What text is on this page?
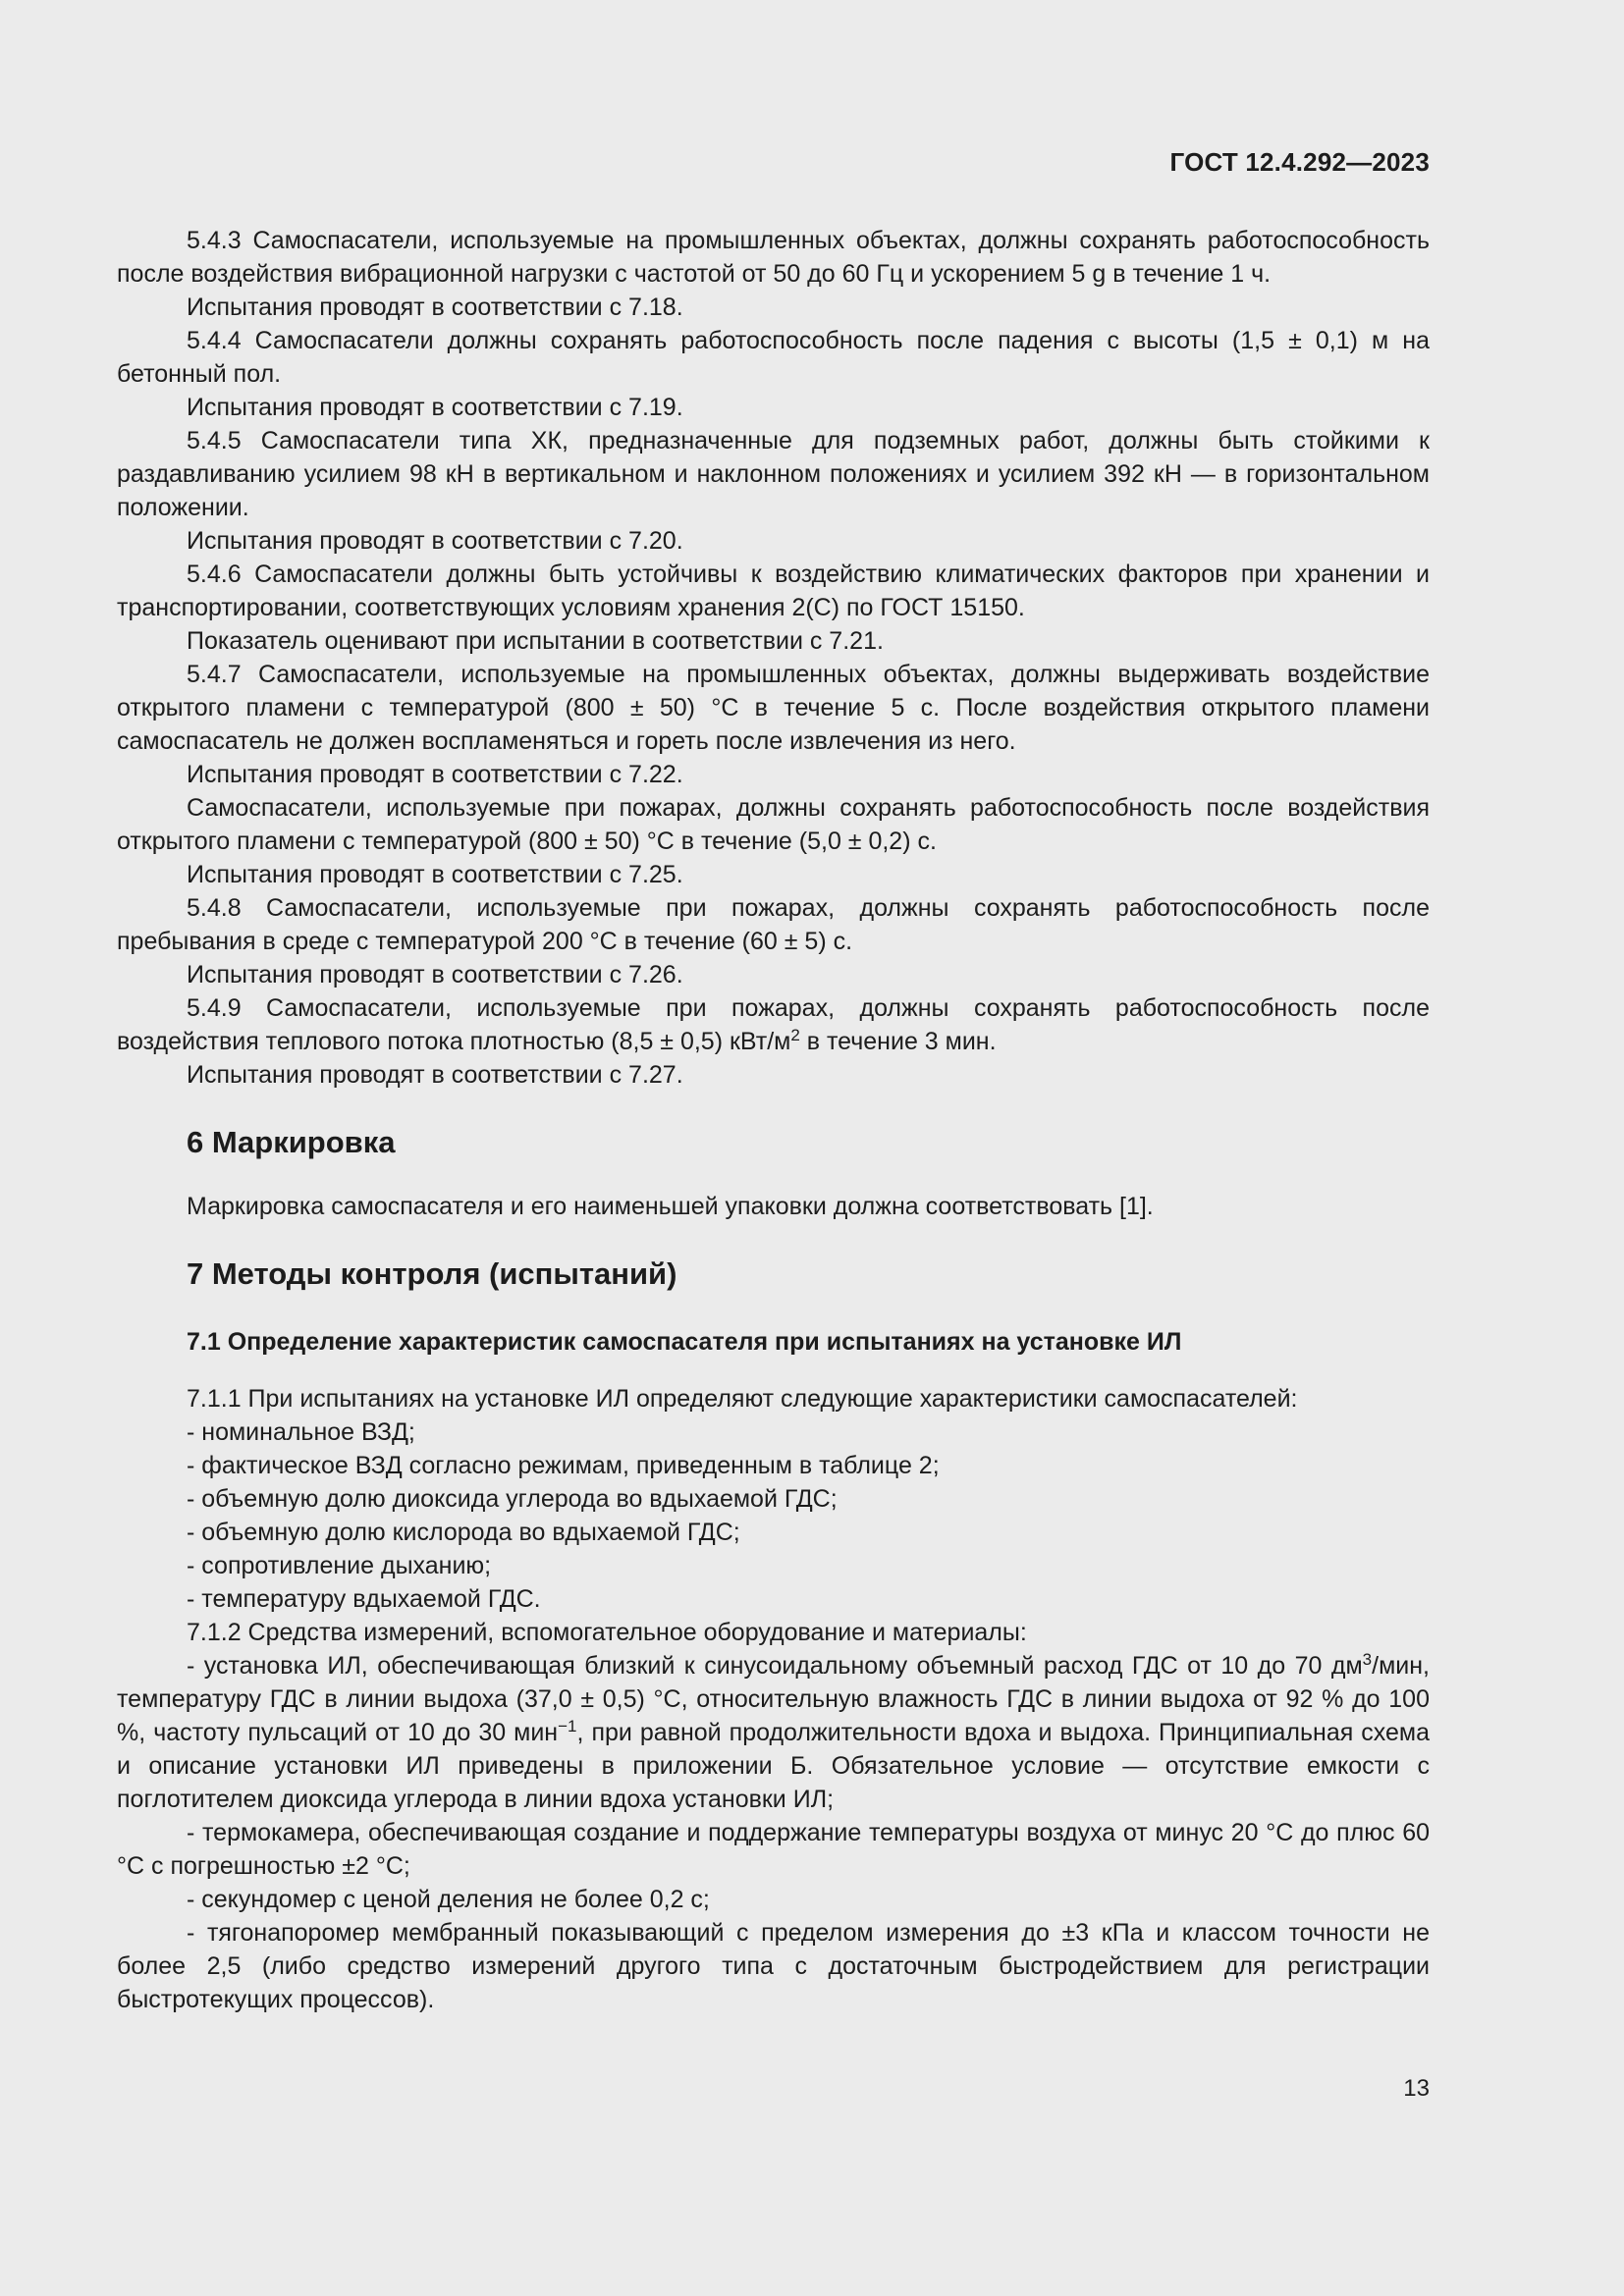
ГОСТ 12.4.292—2023

5.4.3 Самоспасатели, используемые на промышленных объектах, должны сохранять работоспособность после воздействия вибрационной нагрузки с частотой от 50 до 60 Гц и ускорением 5 g в течение 1 ч.

Испытания проводят в соответствии с 7.18.

5.4.4 Самоспасатели должны сохранять работоспособность после падения с высоты (1,5 ± 0,1) м на бетонный пол.

Испытания проводят в соответствии с 7.19.

5.4.5 Самоспасатели типа ХК, предназначенные для подземных работ, должны быть стойкими к раздавливанию усилием 98 кН в вертикальном и наклонном положениях и усилием 392 кН — в горизонтальном положении.

Испытания проводят в соответствии с 7.20.

5.4.6 Самоспасатели должны быть устойчивы к воздействию климатических факторов при хранении и транспортировании, соответствующих условиям хранения 2(С) по ГОСТ 15150.

Показатель оценивают при испытании в соответствии с 7.21.

5.4.7 Самоспасатели, используемые на промышленных объектах, должны выдерживать воздействие открытого пламени с температурой (800 ± 50) °С в течение 5 с. После воздействия открытого пламени самоспасатель не должен воспламеняться и гореть после извлечения из него.

Испытания проводят в соответствии с 7.22.

Самоспасатели, используемые при пожарах, должны сохранять работоспособность после воздействия открытого пламени с температурой (800 ± 50) °С в течение (5,0 ± 0,2) с.

Испытания проводят в соответствии с 7.25.

5.4.8 Самоспасатели, используемые при пожарах, должны сохранять работоспособность после пребывания в среде с температурой 200 °С в течение (60 ± 5) с.

Испытания проводят в соответствии с 7.26.

5.4.9 Самоспасатели, используемые при пожарах, должны сохранять работоспособность после воздействия теплового потока плотностью (8,5 ± 0,5) кВт/$м^2$ в течение 3 мин.

Испытания проводят в соответствии с 7.27.

6 Маркировка

Маркировка самоспасателя и его наименьшей упаковки должна соответствовать [1].

7 Методы контроля (испытаний)

7.1 Определение характеристик самоспасателя при испытаниях на установке ИЛ

7.1.1 При испытаниях на установке ИЛ определяют следующие характеристики самоспасателей:

- номинальное ВЗД;

- фактическое ВЗД согласно режимам, приведенным в таблице 2;

- объемную долю диоксида углерода во вдыхаемой ГДС;

- объемную долю кислорода во вдыхаемой ГДС;

- сопротивление дыханию;

- температуру вдыхаемой ГДС.

7.1.2 Средства измерений, вспомогательное оборудование и материалы:

- установка ИЛ, обеспечивающая близкий к синусоидальному объемный расход ГДС от 10 до 70 $дм^3$/мин, температуру ГДС в линии выдоха (37,0 ± 0,5) °С, относительную влажность ГДС в линии выдоха от 92 % до 100 %, частоту пульсаций от 10 до 30 мин$^{-1}$, при равной продолжительности вдоха и выдоха. Принципиальная схема и описание установки ИЛ приведены в приложении Б. Обязательное условие — отсутствие емкости с поглотителем диоксида углерода в линии вдоха установки ИЛ;

- термокамера, обеспечивающая создание и поддержание температуры воздуха от минус 20 °С до плюс 60 °С с погрешностью ±2 °С;

- секундомер с ценой деления не более 0,2 с;

- тягонапоромер мембранный показывающий с пределом измерения до ±3 кПа и классом точности не более 2,5 (либо средство измерений другого типа с достаточным быстродействием для регистрации быстротекущих процессов).

13
